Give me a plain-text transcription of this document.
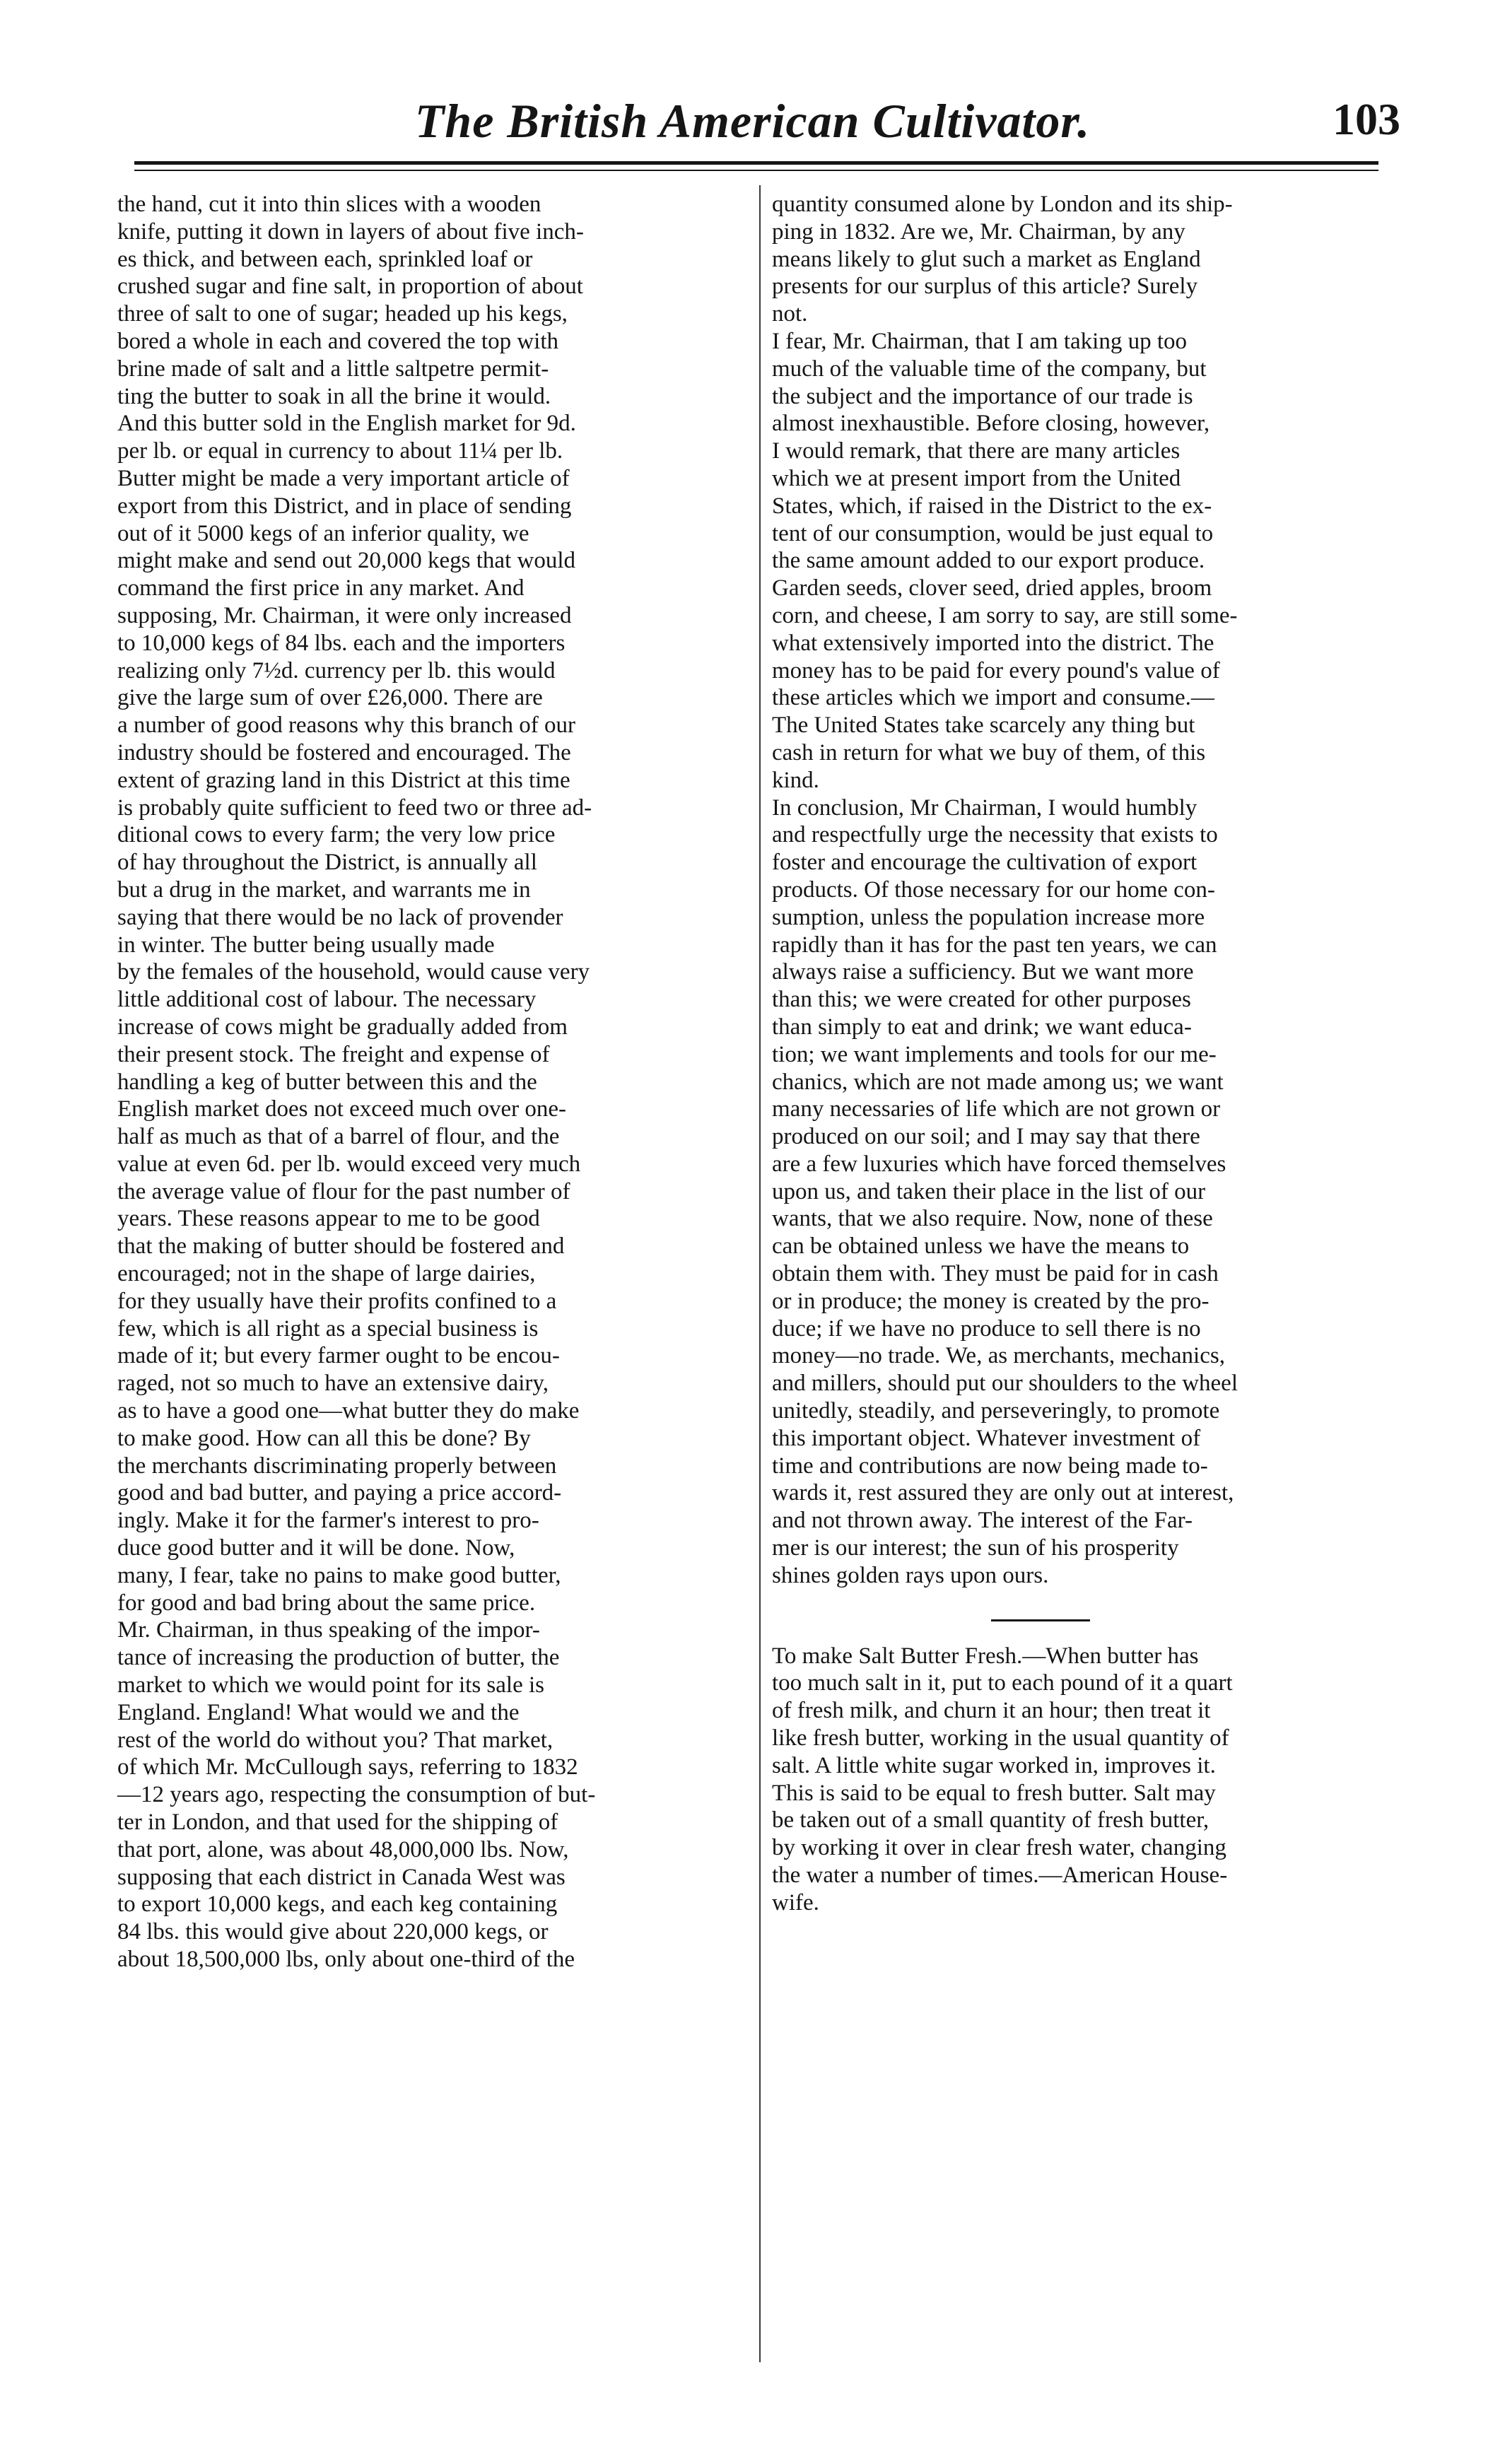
The British American Cultivator.	103
the hand, cut it into thin slices with a wooden
knife, putting it down in layers of about five inch-
es thick, and between each, sprinkled loaf or
crushed sugar and fine salt, in proportion of about
three of salt to one of sugar; headed up his kegs,
bored a whole in each and covered the top with
brine made of salt and a little saltpetre permit-
ting the butter to soak in all the brine it would.
And this butter sold in the English market for 9d.
per lb. or equal in currency to about 11¼ per lb.
Butter might be made a very important article of
export from this District, and in place of sending
out of it 5000 kegs of an inferior quality, we
might make and send out 20,000 kegs that would
command the first price in any market. And
supposing, Mr. Chairman, it were only increased
to 10,000 kegs of 84 lbs. each and the importers
realizing only 7½d. currency per lb. this would
give the large sum of over £26,000. There are
a number of good reasons why this branch of our
industry should be fostered and encouraged. The
extent of grazing land in this District at this time
is probably quite sufficient to feed two or three ad-
ditional cows to every farm; the very low price
of hay throughout the District, is annually all
but a drug in the market, and warrants me in
saying that there would be no lack of provender
in winter. The butter being usually made
by the females of the household, would cause very
little additional cost of labour. The necessary
increase of cows might be gradually added from
their present stock. The freight and expense of
handling a keg of butter between this and the
English market does not exceed much over one-
half as much as that of a barrel of flour, and the
value at even 6d. per lb. would exceed very much
the average value of flour for the past number of
years. These reasons appear to me to be good
that the making of butter should be fostered and
encouraged; not in the shape of large dairies,
for they usually have their profits confined to a
few, which is all right as a special business is
made of it; but every farmer ought to be encou-
raged, not so much to have an extensive dairy,
as to have a good one—what butter they do make
to make good. How can all this be done? By
the merchants discriminating properly between
good and bad butter, and paying a price accord-
ingly. Make it for the farmer's interest to pro-
duce good butter and it will be done. Now,
many, I fear, take no pains to make good butter,
for good and bad bring about the same price.
Mr. Chairman, in thus speaking of the impor-
tance of increasing the production of butter, the
market to which we would point for its sale is
England. England! What would we and the
rest of the world do without you? That market,
of which Mr. McCullough says, referring to 1832
—12 years ago, respecting the consumption of but-
ter in London, and that used for the shipping of
that port, alone, was about 48,000,000 lbs. Now,
supposing that each district in Canada West was
to export 10,000 kegs, and each keg containing
84 lbs. this would give about 220,000 kegs, or
about 18,500,000 lbs, only about one-third of the
quantity consumed alone by London and its ship-
ping in 1832. Are we, Mr. Chairman, by any
means likely to glut such a market as England
presents for our surplus of this article? Surely
not.
I fear, Mr. Chairman, that I am taking up too
much of the valuable time of the company, but
the subject and the importance of our trade is
almost inexhaustible. Before closing, however,
I would remark, that there are many articles
which we at present import from the United
States, which, if raised in the District to the ex-
tent of our consumption, would be just equal to
the same amount added to our export produce.
Garden seeds, clover seed, dried apples, broom
corn, and cheese, I am sorry to say, are still some-
what extensively imported into the district. The
money has to be paid for every pound's value of
these articles which we import and consume.—
The United States take scarcely any thing but
cash in return for what we buy of them, of this
kind.
In conclusion, Mr Chairman, I would humbly
and respectfully urge the necessity that exists to
foster and encourage the cultivation of export
products. Of those necessary for our home con-
sumption, unless the population increase more
rapidly than it has for the past ten years, we can
always raise a sufficiency. But we want more
than this; we were created for other purposes
than simply to eat and drink; we want educa-
tion; we want implements and tools for our me-
chanics, which are not made among us; we want
many necessaries of life which are not grown or
produced on our soil; and I may say that there
are a few luxuries which have forced themselves
upon us, and taken their place in the list of our
wants, that we also require. Now, none of these
can be obtained unless we have the means to
obtain them with. They must be paid for in cash
or in produce; the money is created by the pro-
duce; if we have no produce to sell there is no
money—no trade. We, as merchants, mechanics,
and millers, should put our shoulders to the wheel
unitedly, steadily, and perseveringly, to promote
this important object. Whatever investment of
time and contributions are now being made to-
wards it, rest assured they are only out at interest,
and not thrown away. The interest of the Far-
mer is our interest; the sun of his prosperity
shines golden rays upon ours.
To make Salt Butter Fresh.—When butter has
too much salt in it, put to each pound of it a quart
of fresh milk, and churn it an hour; then treat it
like fresh butter, working in the usual quantity of
salt. A little white sugar worked in, improves it.
This is said to be equal to fresh butter. Salt may
be taken out of a small quantity of fresh butter,
by working it over in clear fresh water, changing
the water a number of times.—American House-
wife.
